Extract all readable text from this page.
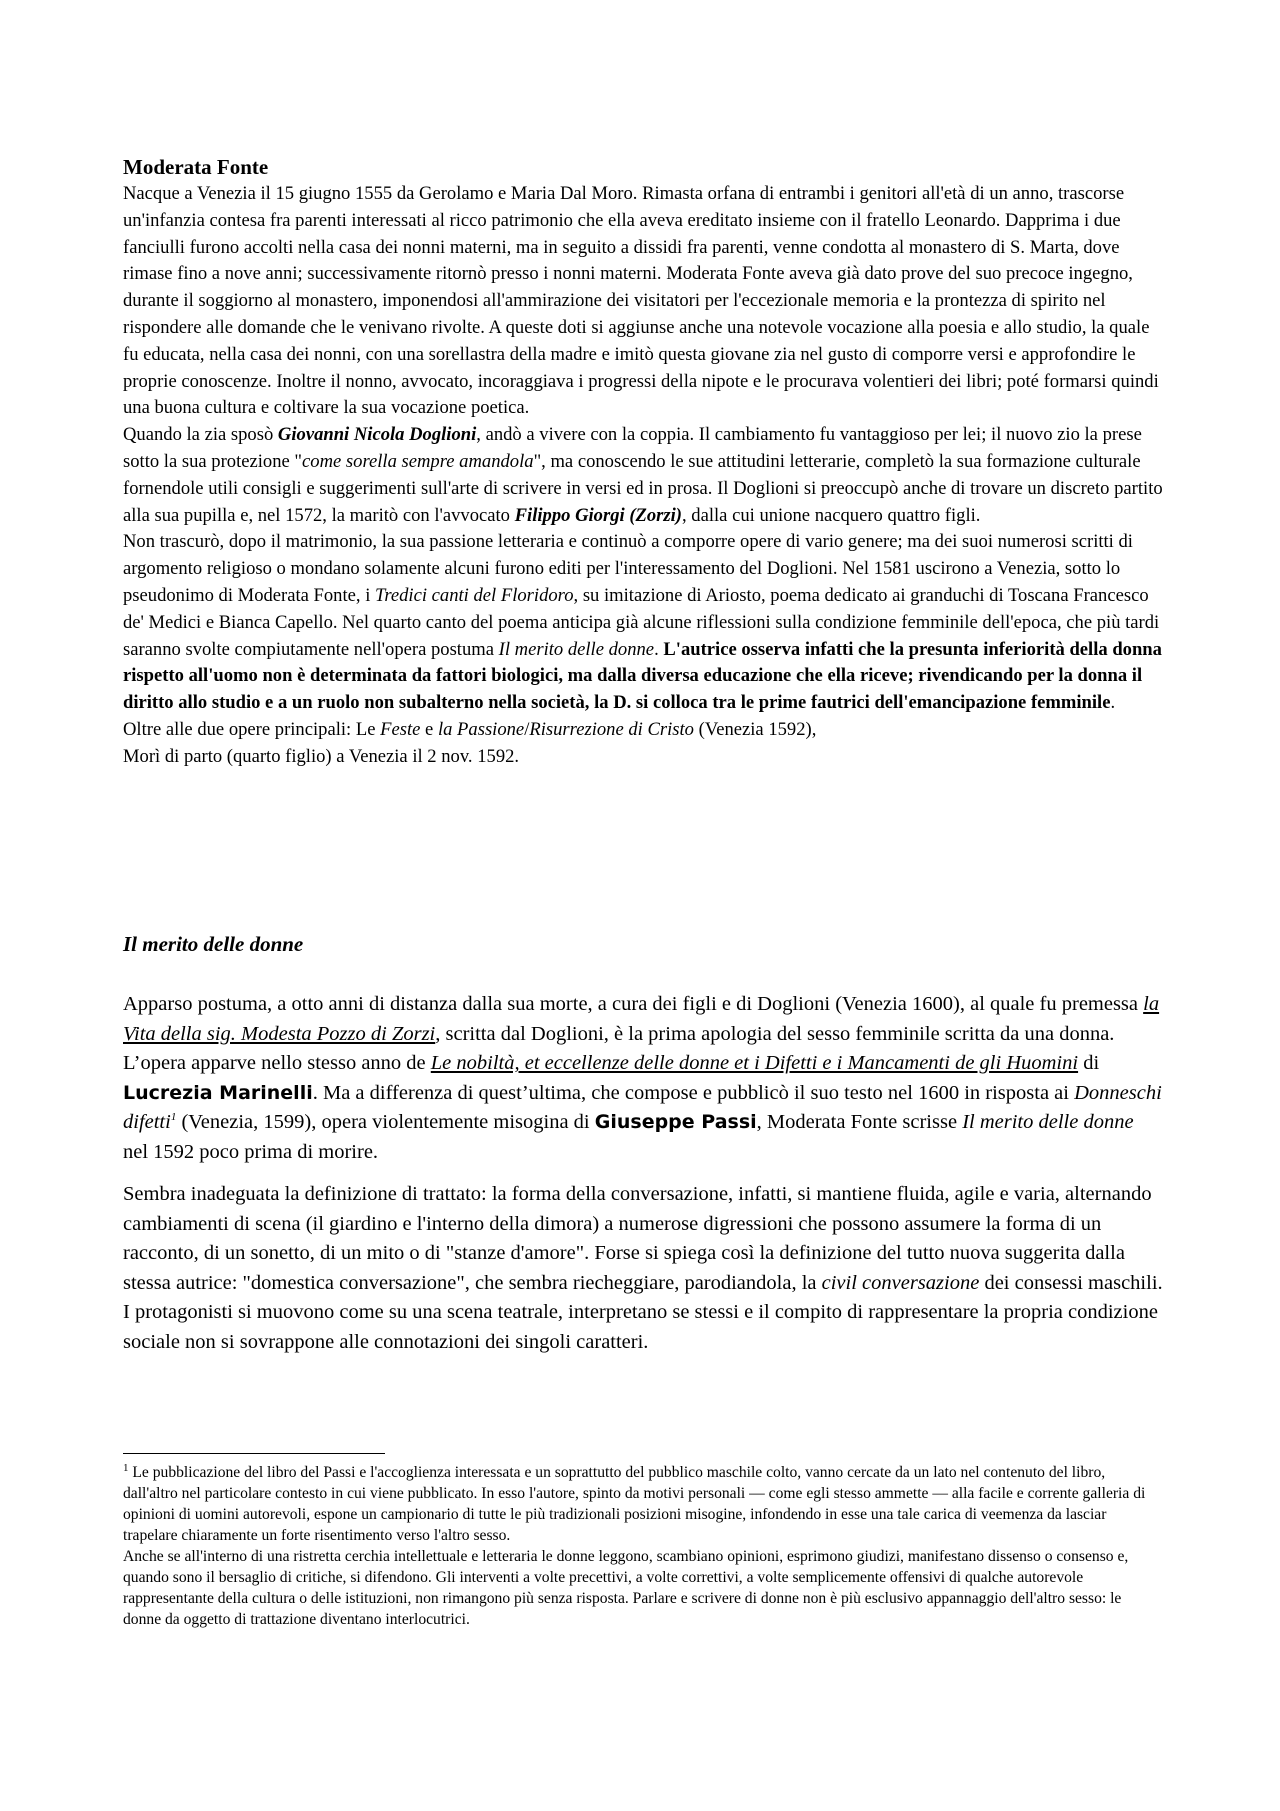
Moderata Fonte

Nacque a Venezia il 15 giugno 1555 da Gerolamo e Maria Dal Moro. Rimasta orfana di entrambi i genitori all'età di un anno, trascorse un'infanzia contesa fra parenti interessati al ricco patrimonio che ella aveva ereditato insieme con il fratello Leonardo. Dapprima i due fanciulli furono accolti nella casa dei nonni materni, ma in seguito a dissidi fra parenti, venne condotta al monastero di S. Marta, dove rimase fino a nove anni; successivamente ritornò presso i nonni materni. Moderata Fonte aveva già dato prove del suo precoce ingegno, durante il soggiorno al monastero, imponendosi all'ammirazione dei visitatori per l'eccezionale memoria e la prontezza di spirito nel rispondere alle domande che le venivano rivolte. A queste doti si aggiunse anche una notevole vocazione alla poesia e allo studio, la quale fu educata, nella casa dei nonni, con una sorellastra della madre e imitò questa giovane zia nel gusto di comporre versi e approfondire le proprie conoscenze. Inoltre il nonno, avvocato, incoraggiava i progressi della nipote e le procurava volentieri dei libri; poté formarsi quindi una buona cultura e coltivare la sua vocazione poetica.

Quando la zia sposò Giovanni Nicola Doglioni, andò a vivere con la coppia. Il cambiamento fu vantaggioso per lei; il nuovo zio la prese sotto la sua protezione "come sorella sempre amandola", ma conoscendo le sue attitudini letterarie, completò la sua formazione culturale fornendole utili consigli e suggerimenti sull'arte di scrivere in versi ed in prosa. Il Doglioni si preoccupò anche di trovare un discreto partito alla sua pupilla e, nel 1572, la maritò con l'avvocato Filippo Giorgi (Zorzi), dalla cui unione nacquero quattro figli.

Non trascurò, dopo il matrimonio, la sua passione letteraria e continuò a comporre opere di vario genere; ma dei suoi numerosi scritti di argomento religioso o mondano solamente alcuni furono editi per l'interessamento del Doglioni. Nel 1581 uscirono a Venezia, sotto lo pseudonimo di Moderata Fonte, i Tredici canti del Floridoro, su imitazione di Ariosto, poema dedicato ai granduchi di Toscana Francesco de' Medici e Bianca Capello. Nel quarto canto del poema anticipa già alcune riflessioni sulla condizione femminile dell'epoca, che più tardi saranno svolte compiutamente nell'opera postuma Il merito delle donne. L'autrice osserva infatti che la presunta inferiorità della donna rispetto all'uomo non è determinata da fattori biologici, ma dalla diversa educazione che ella riceve; rivendicando per la donna il diritto allo studio e a un ruolo non subalterno nella società, la D. si colloca tra le prime fautrici dell'emancipazione femminile.

Oltre alle due opere principali: Le Feste e la Passione/Risurrezione di Cristo (Venezia 1592),

Morì di parto (quarto figlio) a Venezia il 2 nov. 1592.

Il merito delle donne

Apparso postuma, a otto anni di distanza dalla sua morte, a cura dei figli e di Doglioni (Venezia 1600), al quale fu premessa la Vita della sig. Modesta Pozzo di Zorzi, scritta dal Doglioni, è la prima apologia del sesso femminile scritta da una donna.

L’opera apparve nello stesso anno de Le nobiltà, et eccellenze delle donne et i Difetti e i Mancamenti de gli Huomini di Lucrezia Marinelli. Ma a differenza di quest’ultima, che compose e pubblicò il suo testo nel 1600 in risposta ai Donneschi difetti$^1$ (Venezia, 1599), opera violentemente misogina di Giuseppe Passi, Moderata Fonte scrisse Il merito delle donne nel 1592 poco prima di morire.

Sembra inadeguata la definizione di trattato: la forma della conversazione, infatti, si mantiene fluida, agile e varia, alternando cambiamenti di scena (il giardino e l'interno della dimora) a numerose digressioni che possono assumere la forma di un racconto, di un sonetto, di un mito o di "stanze d'amore". Forse si spiega così la definizione del tutto nuova suggerita dalla stessa autrice: "domestica conversazione", che sembra riecheggiare, parodiandola, la civil conversazione dei consessi maschili. I protagonisti si muovono come su una scena teatrale, interpretano se stessi e il compito di rappresentare la propria condizione sociale non si sovrappone alle connotazioni dei singoli caratteri.

$^1$ Le pubblicazione del libro del Passi e l'accoglienza interessata e un soprattutto del pubblico maschile colto, vanno cercate da un lato nel contenuto del libro, dall'altro nel particolare contesto in cui viene pubblicato. In esso l'autore, spinto da motivi personali — come egli stesso ammette — alla facile e corrente galleria di opinioni di uomini autorevoli, espone un campionario di tutte le più tradizionali posizioni misogine, infondendo in esse una tale carica di veemenza da lasciar trapelare chiaramente un forte risentimento verso l'altro sesso.

Anche se all'interno di una ristretta cerchia intellettuale e letteraria le donne leggono, scambiano opinioni, esprimono giudizi, manifestano dissenso o consenso e, quando sono il bersaglio di critiche, si difendono. Gli interventi a volte precettivi, a volte correttivi, a volte semplicemente offensivi di qualche autorevole rappresentante della cultura o delle istituzioni, non rimangono più senza risposta. Parlare e scrivere di donne non è più esclusivo appannaggio dell'altro sesso: le donne da oggetto di trattazione diventano interlocutrici.
